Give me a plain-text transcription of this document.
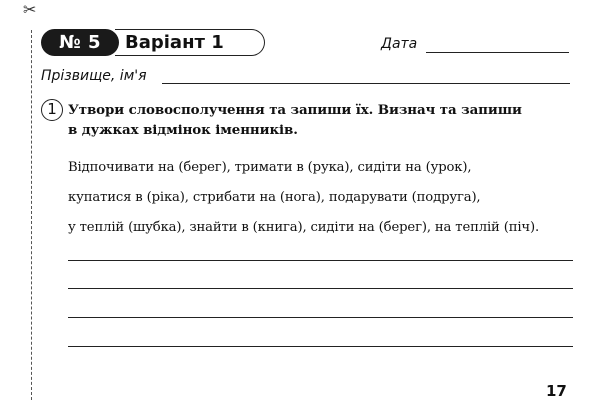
✂
№ 5	Варіант 1	Дата
Прізвище, ім'я
1 Утвори словосполучення та запиши їх. Визнач та запиши
в дужках відмінок іменників.
Відпочивати на (берег), тримати в (рука), сидіти на (урок),
купатися в (ріка), стрибати на (нога), подарувати (подруга),
у теплій (шубка), знайти в (книга), сидіти на (берег), на теплій (піч).
17
